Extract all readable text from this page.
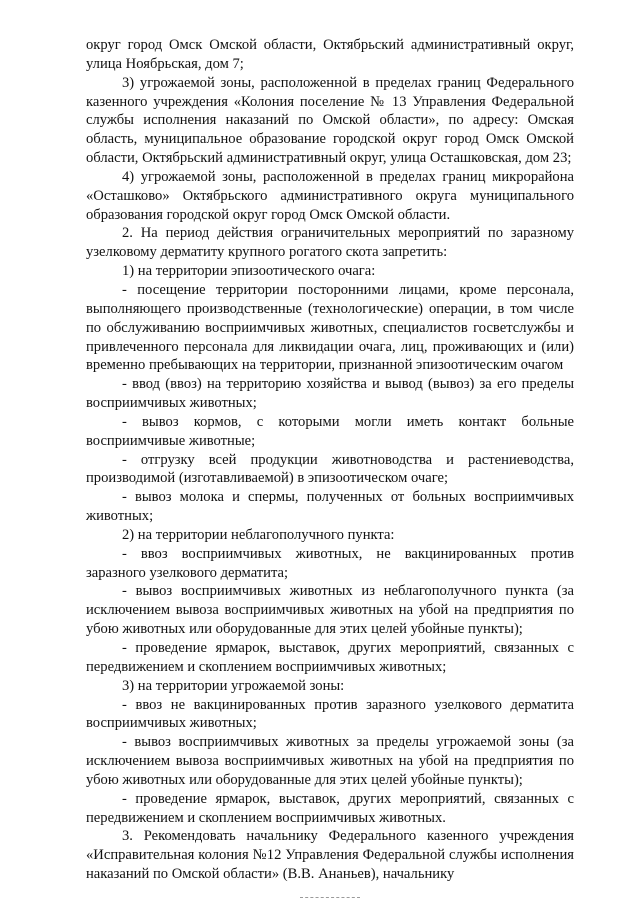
округ город Омск Омской области, Октябрьский административный округ, улица Ноябрьская, дом 7;

3) угрожаемой зоны, расположенной в пределах границ Федерального казенного учреждения «Колония поселение № 13 Управления Федеральной службы исполнения наказаний по Омской области», по адресу: Омская область, муниципальное образование городской округ город Омск Омской области, Октябрьский административный округ, улица Осташковская, дом 23;

4) угрожаемой зоны, расположенной в пределах границ микрорайона «Осташково» Октябрьского административного округа муниципального образования городской округ город Омск Омской области.

2. На период действия ограничительных мероприятий по заразному узелковому дерматиту крупного рогатого скота запретить:

1) на территории эпизоотического очага:

- посещение территории посторонними лицами, кроме персонала, выполняющего производственные (технологические) операции, в том числе по обслуживанию восприимчивых животных, специалистов госветслужбы и привлеченного персонала для ликвидации очага, лиц, проживающих и (или) временно пребывающих на территории, признанной эпизоотическим очагом

- ввод (ввоз) на территорию хозяйства и вывод (вывоз) за его пределы восприимчивых животных;

- вывоз кормов, с которыми могли иметь контакт больные восприимчивые животные;

- отгрузку всей продукции животноводства и растениеводства, производимой (изготавливаемой) в эпизоотическом очаге;

- вывоз молока и спермы, полученных от больных восприимчивых животных;

2) на территории неблагополучного пункта:

- ввоз восприимчивых животных, не вакцинированных против заразного узелкового дерматита;

- вывоз восприимчивых животных из неблагополучного пункта (за исключением вывоза восприимчивых животных на убой на предприятия по убою животных или оборудованные для этих целей убойные пункты);

- проведение ярмарок, выставок, других мероприятий, связанных с передвижением и скоплением восприимчивых животных;

3) на территории угрожаемой зоны:

- ввоз не вакцинированных против заразного узелкового дерматита восприимчивых животных;

- вывоз восприимчивых животных за пределы угрожаемой зоны (за исключением вывоза восприимчивых животных на убой на предприятия по убою животных или оборудованные для этих целей убойные пункты);

- проведение ярмарок, выставок, других мероприятий, связанных с передвижением и скоплением восприимчивых животных.

3. Рекомендовать начальнику Федерального казенного учреждения «Исправительная колония №12 Управления Федеральной службы исполнения наказаний по Омской области» (В.В. Ананьев), начальнику
